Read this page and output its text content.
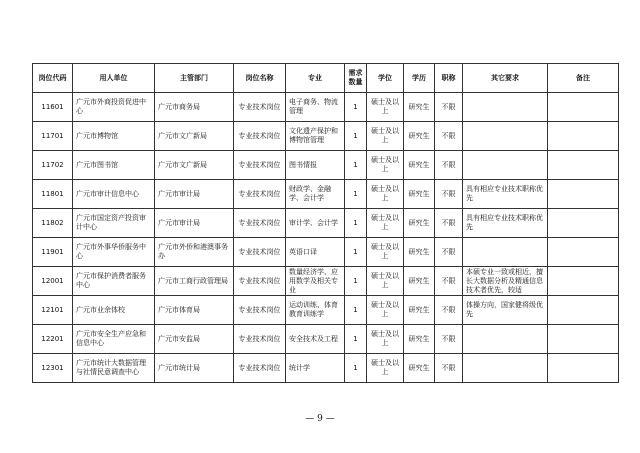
岗位代码	用人单位	主管部门	岗位名称	专业	需求数量	学位	学历	职称	其它要求	备注
11601	广元市外商投资促进中心	广元市商务局	专业技术岗位	电子商务、物流管理	1	硕士及以上	研究生	不限		
11701	广元市博物馆	广元市文广新局	专业技术岗位	文化遗产保护和博物馆管理	1	硕士及以上	研究生	不限		
11702	广元市图书馆	广元市文广新局	专业技术岗位	图书情报	1	硕士及以上	研究生	不限		
11801	广元市审计信息中心	广元市审计局	专业技术岗位	财政学、金融学、会计学	1	硕士及以上	研究生	不限	具有相应专业技术职称优先	
11802	广元市国定资产投资审计中心	广元市审计局	专业技术岗位	审计学、会计学	1	硕士及以上	研究生	不限	具有相应专业技术职称优先	
11901	广元市外事华侨服务中心	广元市外侨和港澳事务办	专业技术岗位	英语口译	1	硕士及以上	研究生	不限		
12001	广元市保护消费者服务中心	广元市工商行政管理局	专业技术岗位	数量经济学、应用数学及相关专业	1	硕士及以上	研究生	不限	本硕专业一致或相近，擅长大数据分析及精通信息技术者优先，较适	
12101	广元市业余体校	广元市体育局	专业技术岗位	运动训练、体育教育训练学	1	硕士及以上	研究生	不限	体操方向，国家健将级优先	
12201	广元市安全生产应急和信息中心	广元市安监局	专业技术岗位	安全技术及工程	1	硕士及以上	研究生	不限		
12301	广元市统计大数据管理与社情民意调查中心	广元市统计局	专业技术岗位	统计学	1	硕士及以上	研究生	不限		
— 9 —
